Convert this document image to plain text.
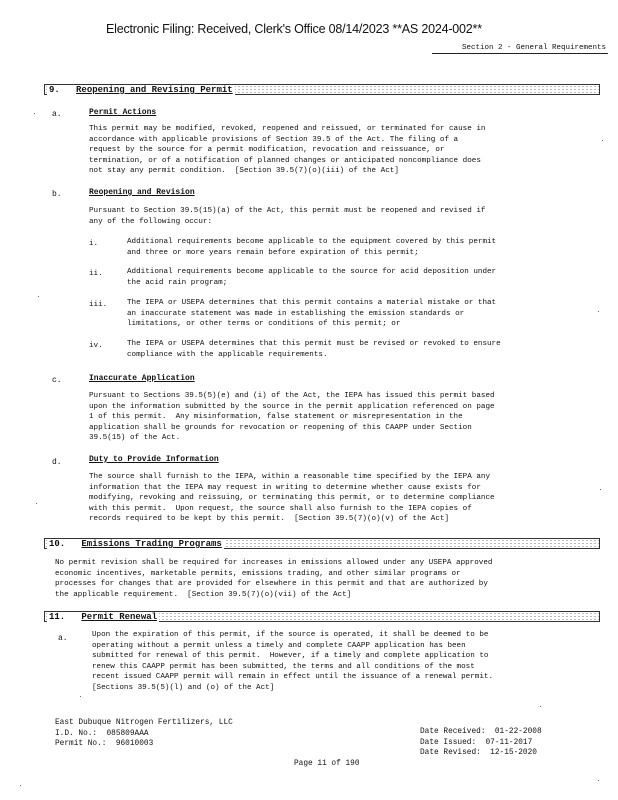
Electronic Filing: Received, Clerk's Office 08/14/2023 **AS 2024-002**
Section 2 - General Requirements
9. Reopening and Revising Permit
a.	Permit Actions
This permit may be modified, revoked, reopened and reissued, or terminated for cause in
accordance with applicable provisions of Section 39.5 of the Act. The filing of a
request by the source for a permit modification, revocation and reissuance, or
termination, or of a notification of planned changes or anticipated noncompliance does
not stay any permit condition.  [Section 39.5(7)(o)(iii) of the Act]
b.	Reopening and Revision
Pursuant to Section 39.5(15)(a) of the Act, this permit must be reopened and revised if
any of the following occur:
i.	Additional requirements become applicable to the equipment covered by this permit
and three or more years remain before expiration of this permit;
ii.	Additional requirements become applicable to the source for acid deposition under
the acid rain program;
iii.	The IEPA or USEPA determines that this permit contains a material mistake or that
an inaccurate statement was made in establishing the emission standards or
limitations, or other terms or conditions of this permit; or
iv.	The IEPA or USEPA determines that this permit must be revised or revoked to ensure
compliance with the applicable requirements.
c.	Inaccurate Application
Pursuant to Sections 39.5(5)(e) and (i) of the Act, the IEPA has issued this permit based
upon the information submitted by the source in the permit application referenced on page
1 of this permit.  Any misinformation, false statement or misrepresentation in the
application shall be grounds for revocation or reopening of this CAAPP under Section
39.5(15) of the Act.
d.	Duty to Provide Information
The source shall furnish to the IEPA, within a reasonable time specified by the IEPA any
information that the IEPA may request in writing to determine whether cause exists for
modifying, revoking and reissuing, or terminating this permit, or to determine compliance
with this permit.  Upon request, the source shall also furnish to the IEPA copies of
records required to be kept by this permit.  [Section 39.5(7)(o)(v) of the Act]
10. Emissions Trading Programs
No permit revision shall be required for increases in emissions allowed under any USEPA approved
economic incentives, marketable permits, emissions trading, and other similar programs or
processes for changes that are provided for elsewhere in this permit and that are authorized by
the applicable requirement.  [Section 39.5(7)(o)(vii) of the Act]
11. Permit Renewal
a.	Upon the expiration of this permit, if the source is operated, it shall be deemed to be
operating without a permit unless a timely and complete CAAPP application has been
submitted for renewal of this permit.  However, if a timely and complete application to
renew this CAAPP permit has been submitted, the terms and all conditions of the most
recent issued CAAPP permit will remain in effect until the issuance of a renewal permit.
[Sections 39.5(5)(l) and (o) of the Act]
East Dubuque Nitrogen Fertilizers, LLC
I.D. No.:  085809AAA
Permit No.:  96010003
Date Received:  01-22-2008
Date Issued:  07-11-2017
Date Revised:  12-15-2020
Page 11 of 190
